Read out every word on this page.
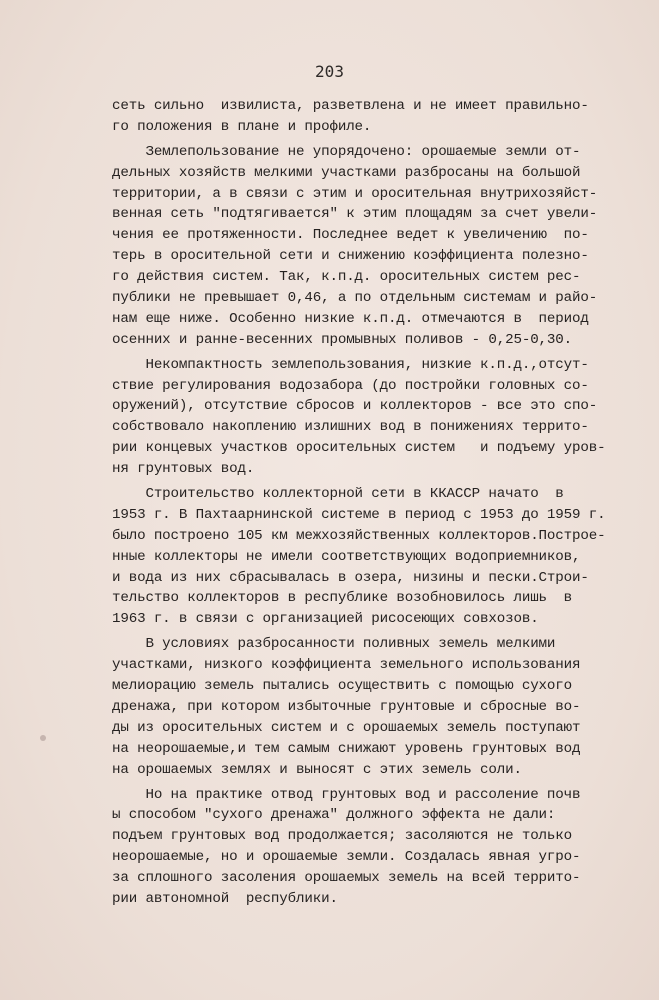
203
сеть сильно  извилиста, разветвлена и не имеет правильно-
го положения в плане и профиле.
Землепользование не упорядочено: орошаемые земли от-
дельных хозяйств мелкими участками разбросаны на большой
территории, а в связи с этим и оросительная внутрихозяйст-
венная сеть "подтягивается" к этим площадям за счет увели-
чения ее протяженности. Последнее ведет к увеличению  по-
терь в оросительной сети и снижению коэффициента полезно-
го действия систем. Так, к.п.д. оросительных систем рес-
публики не превышает 0,46, а по отдельным системам и райо-
нам еще ниже. Особенно низкие к.п.д. отмечаются в  период
осенних и ранне-весенних промывных поливов - 0,25-0,30.
Некомпактность землепользования, низкие к.п.д.,отсут-
ствие регулирования водозабора (до постройки головных со-
оружений), отсутствие сбросов и коллекторов - все это спо-
собствовало накоплению излишних вод в понижениях террито-
рии концевых участков оросительных систем   и подъему уров-
ня грунтовых вод.
Строительство коллекторной сети в ККАССР начато  в
1953 г. В Пахтаарнинской системе в период с 1953 до 1959 г.
было построено 105 км межхозяйственных коллекторов.Построе-
нные коллекторы не имели соответствующих водоприемников,
и вода из них сбрасывалась в озера, низины и пески.Строи-
тельство коллекторов в республике возобновилось лишь  в
1963 г. в связи с организацией рисосеющих совхозов.
В условиях разбросанности поливных земель мелкими
участками, низкого коэффициента земельного использования
мелиорацию земель пытались осуществить с помощью сухого
дренажа, при котором избыточные грунтовые и сбросные во-
ды из оросительных систем и с орошаемых земель поступают
на неорошаемые,и тем самым снижают уровень грунтовых вод
на орошаемых землях и выносят с этих земель соли.
Но на практике отвод грунтовых вод и рассоление почв
ы способом "сухого дренажа" должного эффекта не дали:
подъем грунтовых вод продолжается; засоляются не только
неорошаемые, но и орошаемые земли. Создалась явная угро-
за сплошного засоления орошаемых земель на всей террито-
рии автономной  республики.
